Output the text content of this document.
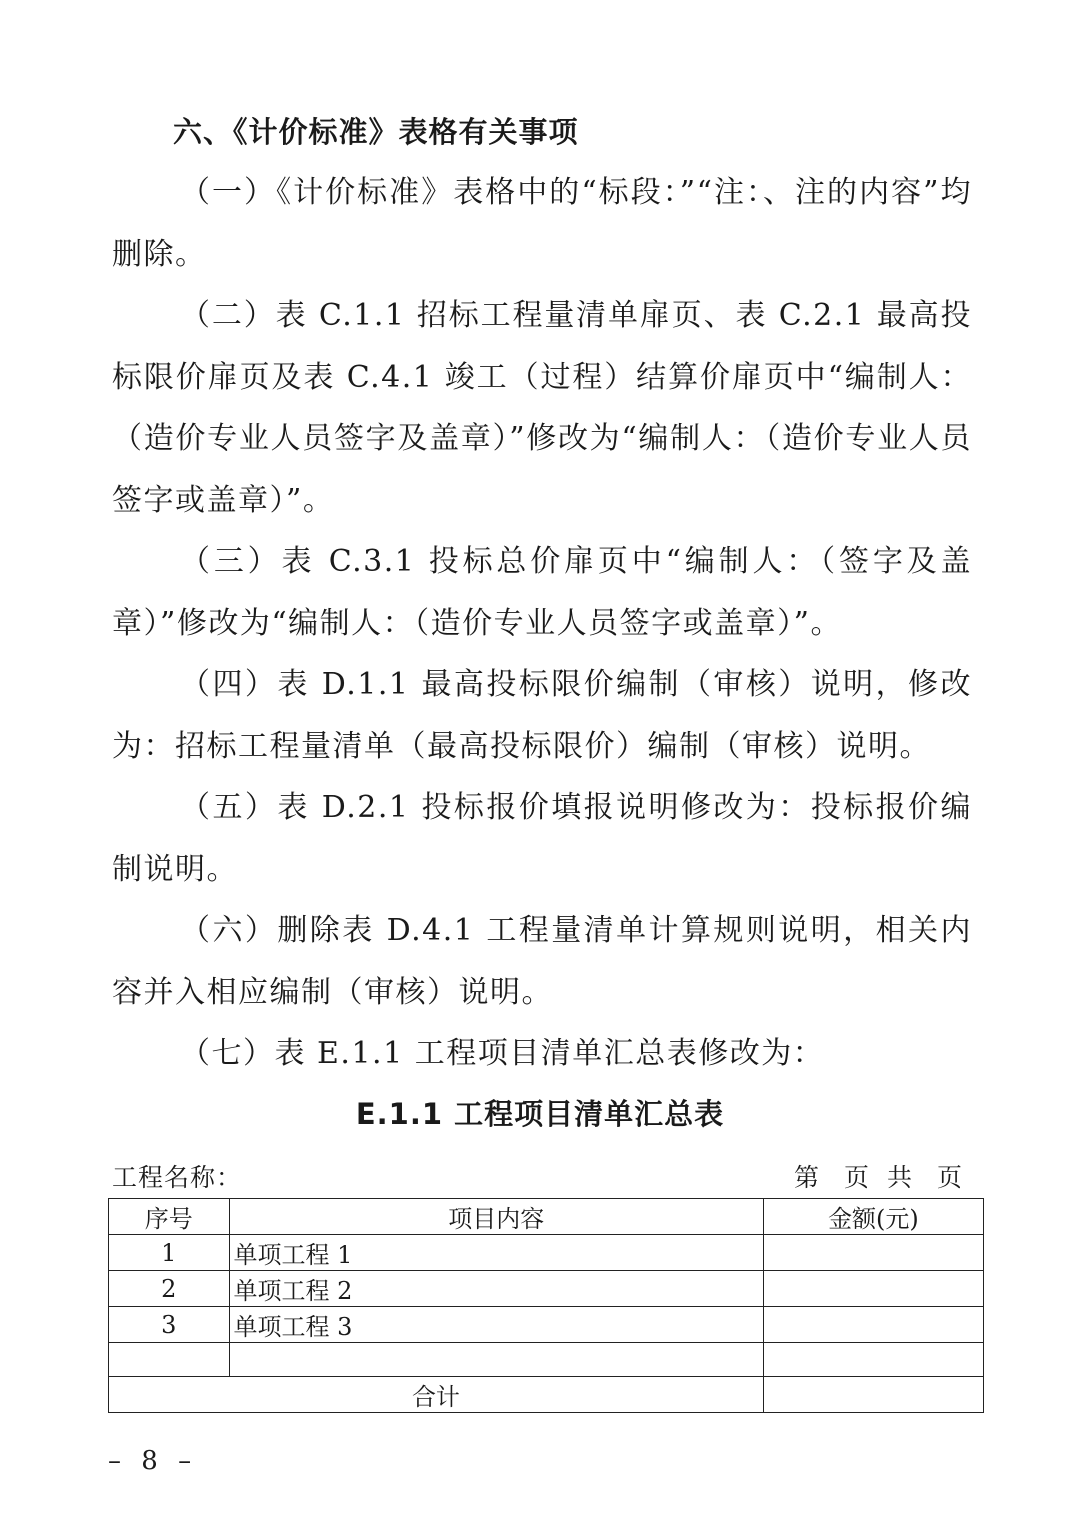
六、《计价标准》表格有关事项

（一）《计价标准》表格中的“标段：”“注：、注的内容”均删除。

（二）表 C.1.1 招标工程量清单扉页、表 C.2.1 最高投标限价扉页及表 C.4.1 竣工（过程）结算价扉页中“编制人：（造价专业人员签字及盖章）”修改为“编制人：（造价专业人员签字或盖章）”。

（三）表 C.3.1 投标总价扉页中“编制人：（签字及盖章）”修改为“编制人：（造价专业人员签字或盖章）”。

（四）表 D.1.1 最高投标限价编制（审核）说明，修改为：招标工程量清单（最高投标限价）编制（审核）说明。

（五）表 D.2.1 投标报价填报说明修改为：投标报价编制说明。

（六）删除表 D.4.1 工程量清单计算规则说明，相关内容并入相应编制（审核）说明。

（七）表 E.1.1 工程项目清单汇总表修改为：

E.1.1 工程项目清单汇总表
工程名称：	第　页 共　页
序号	项目内容	金额(元)
1	单项工程 1	
2	单项工程 2	
3	单项工程 3	

合计		
– 8 –
